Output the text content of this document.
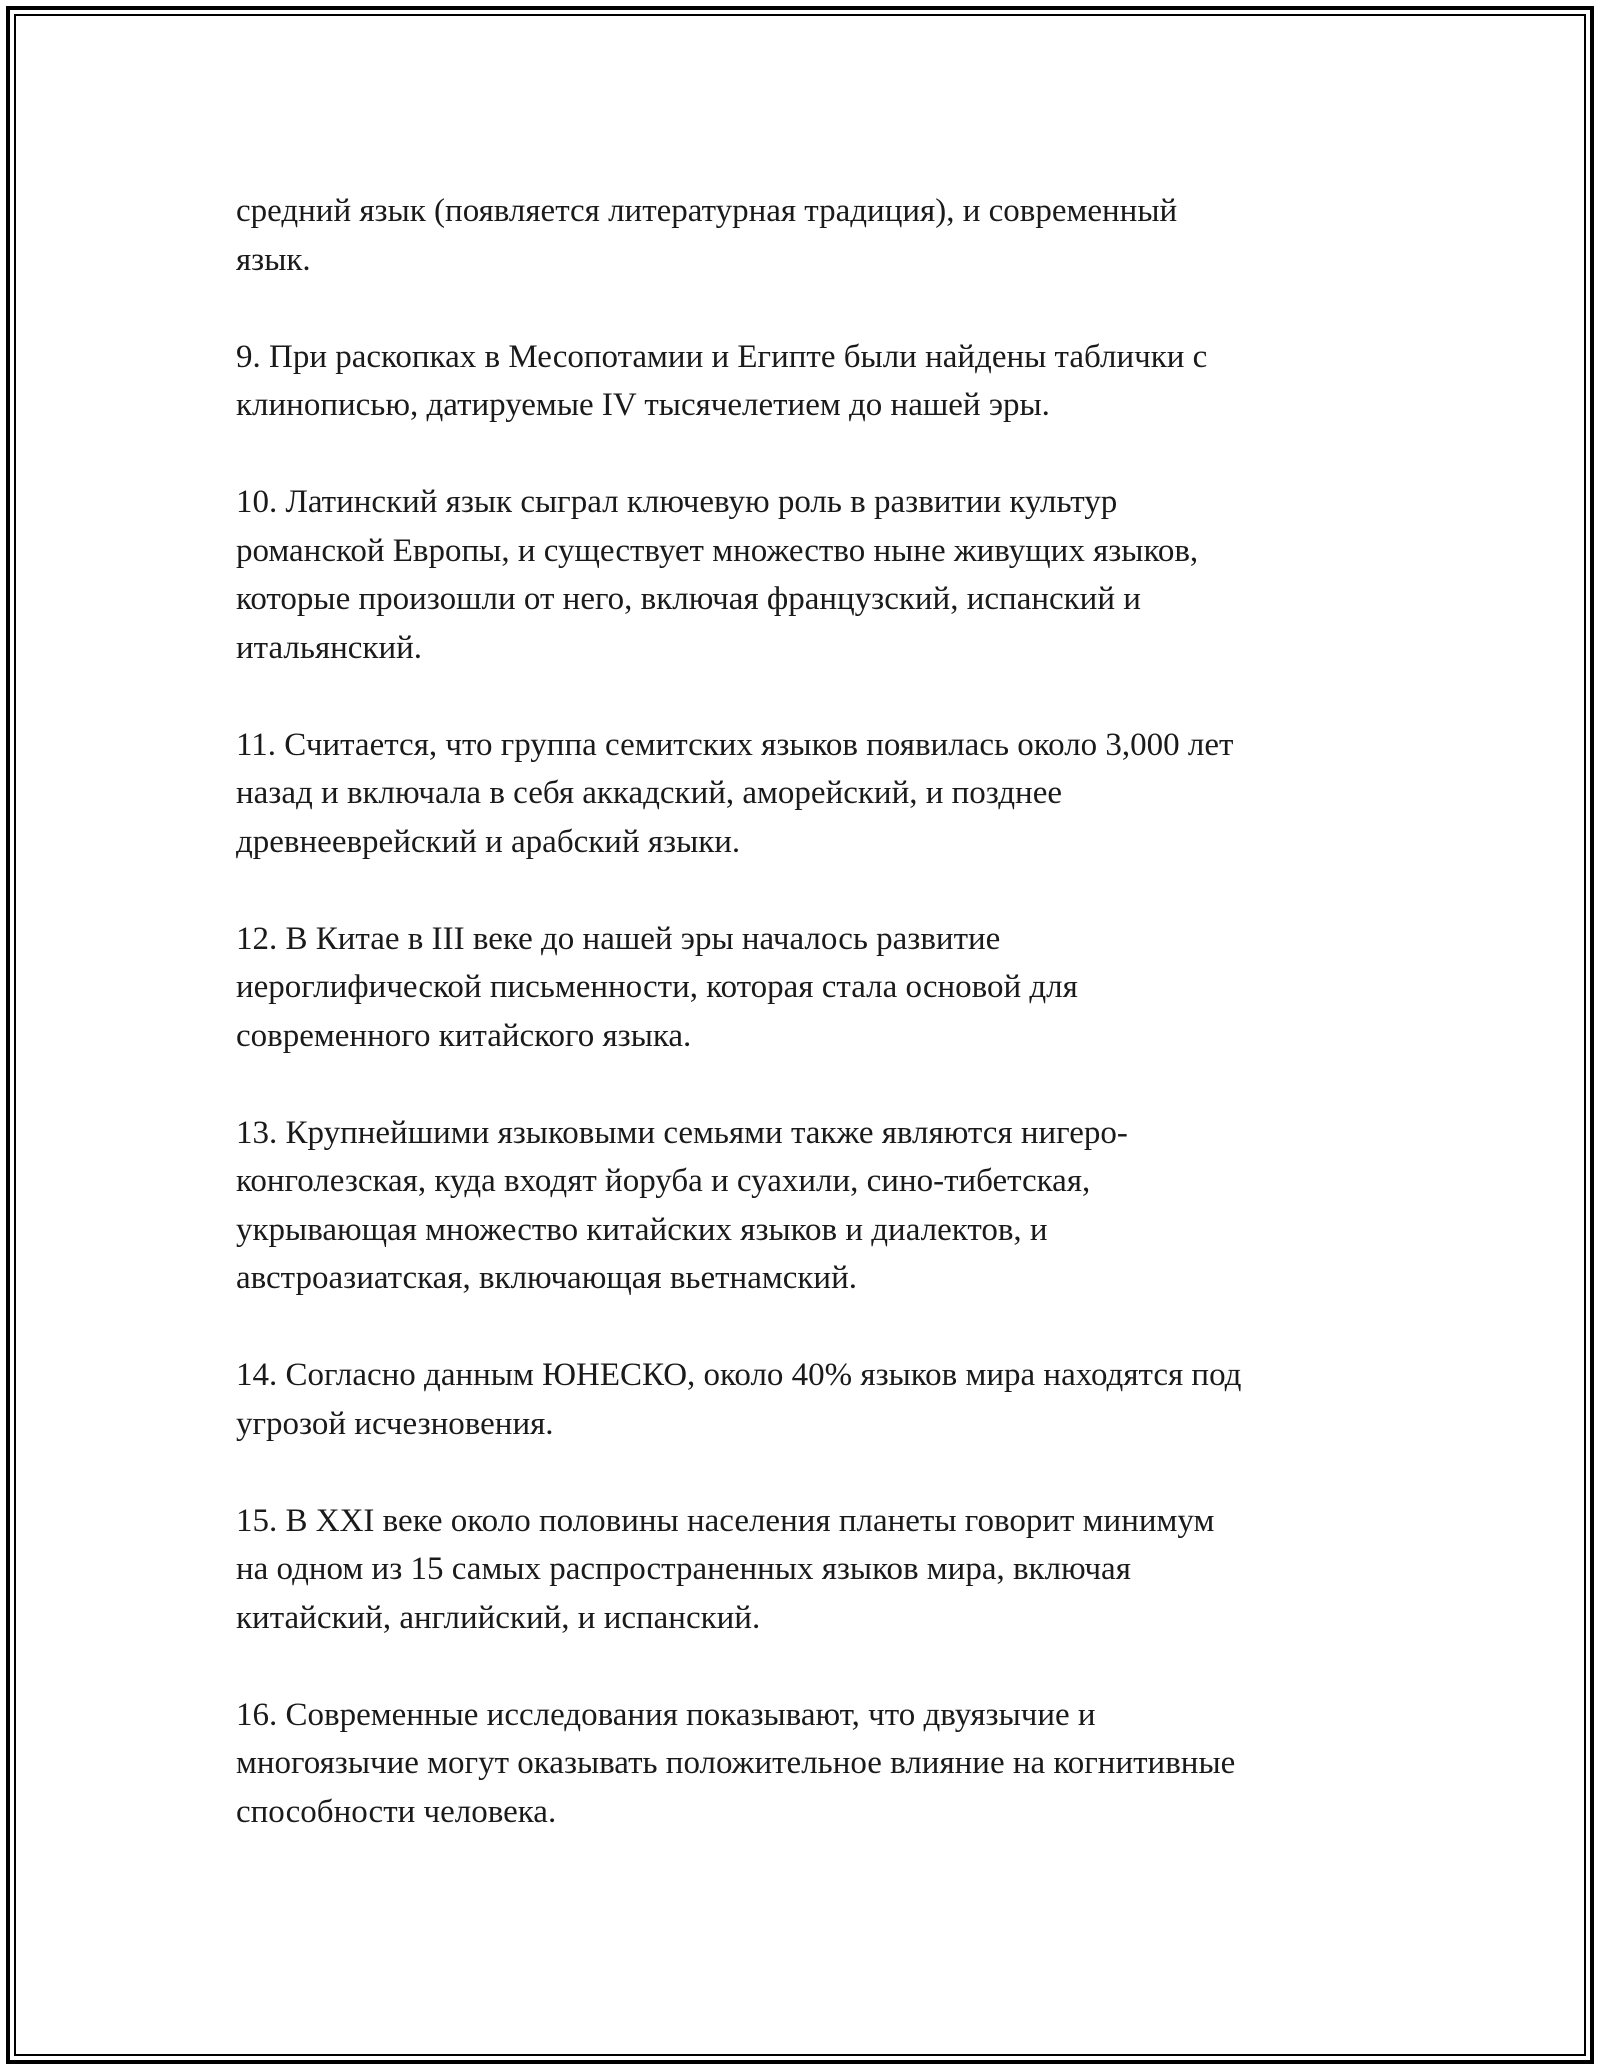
средний язык (появляется литературная традиция), и современный
язык.

9. При раскопках в Месопотамии и Египте были найдены таблички с
клинописью, датируемые IV тысячелетием до нашей эры.

10. Латинский язык сыграл ключевую роль в развитии культур
романской Европы, и существует множество ныне живущих языков,
которые произошли от него, включая французский, испанский и
итальянский.

11. Считается, что группа семитских языков появилась около 3,000 лет
назад и включала в себя аккадский, аморейский, и позднее
древнееврейский и арабский языки.

12. В Китае в III веке до нашей эры началось развитие
иероглифической письменности, которая стала основой для
современного китайского языка.

13. Крупнейшими языковыми семьями также являются нигеро-
конголезская, куда входят йоруба и суахили, сино-тибетская,
укрывающая множество китайских языков и диалектов, и
австроазиатская, включающая вьетнамский.

14. Согласно данным ЮНЕСКО, около 40% языков мира находятся под
угрозой исчезновения.

15. В XXI веке около половины населения планеты говорит минимум
на одном из 15 самых распространенных языков мира, включая
китайский, английский, и испанский.

16. Современные исследования показывают, что двуязычие и
многоязычие могут оказывать положительное влияние на когнитивные
способности человека.
